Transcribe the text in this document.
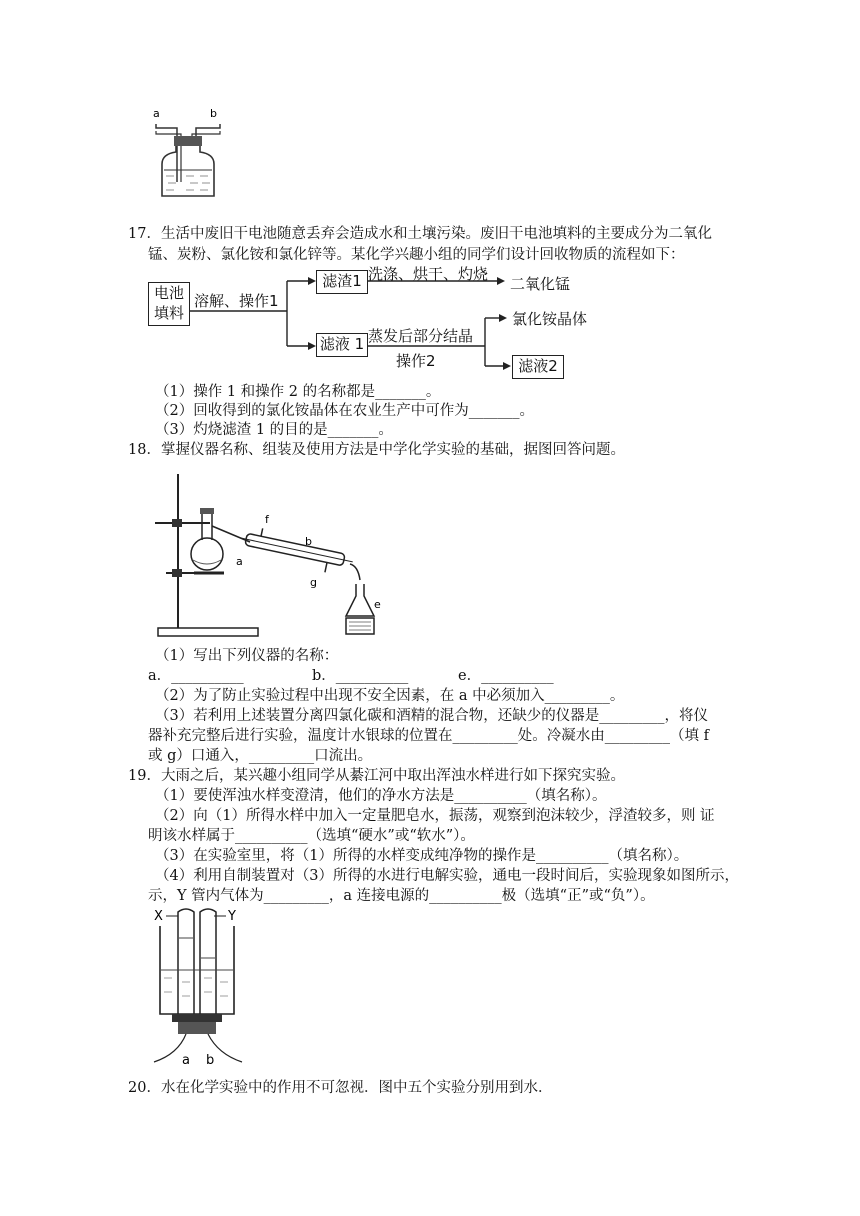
a	b
17．生活中废旧干电池随意丢弃会造成水和土壤污染。废旧干电池填料的主要成分为二氧化
锰、炭粉、氯化铵和氯化锌等。某化学兴趣小组的同学们设计回收物质的流程如下：
电池
填料
溶解、操作1
滤渣1 洗涤、烘干、灼烧
二氧化锰
滤液 1 蒸发后部分结晶
操作2
氯化铵晶体
滤液2
（1）操作 1 和操作 2 的名称都是_______。
（2）回收得到的氯化铵晶体在农业生产中可作为_______。
（3）灼烧滤渣 1 的目的是_______。
18．掌握仪器名称、组装及使用方法是中学化学实验的基础，据图回答问题。
a
b
e
f
g
（1）写出下列仪器的名称：
a．__________	b．__________	e．__________
（2）为了防止实验过程中出现不安全因素，在 a 中必须加入_________。
（3）若利用上述装置分离四氯化碳和酒精的混合物，还缺少的仪器是_________，将仪
器补充完整后进行实验，温度计水银球的位置在_________处。冷凝水由_________（填 f
或 g）口通入，_________口流出。
19．大雨之后，某兴趣小组同学从綦江河中取出浑浊水样进行如下探究实验。
（1）要使浑浊水样变澄清，他们的净水方法是__________（填名称）。
（2）向（1）所得水样中加入一定量肥皂水，振荡，观察到泡沫较少，浮渣较多，则 证
明该水样属于__________（选填“硬水”或“软水”）。
（3）在实验室里，将（1）所得的水样变成纯净物的操作是__________（填名称）。
（4）利用自制装置对（3）所得的水进行电解实验，通电一段时间后，实验现象如图所示，
示，Y 管内气体为_________，a 连接电源的__________极（选填“正”或“负”）。
X	Y
a b
20．水在化学实验中的作用不可忽视．图中五个实验分别用到水．
